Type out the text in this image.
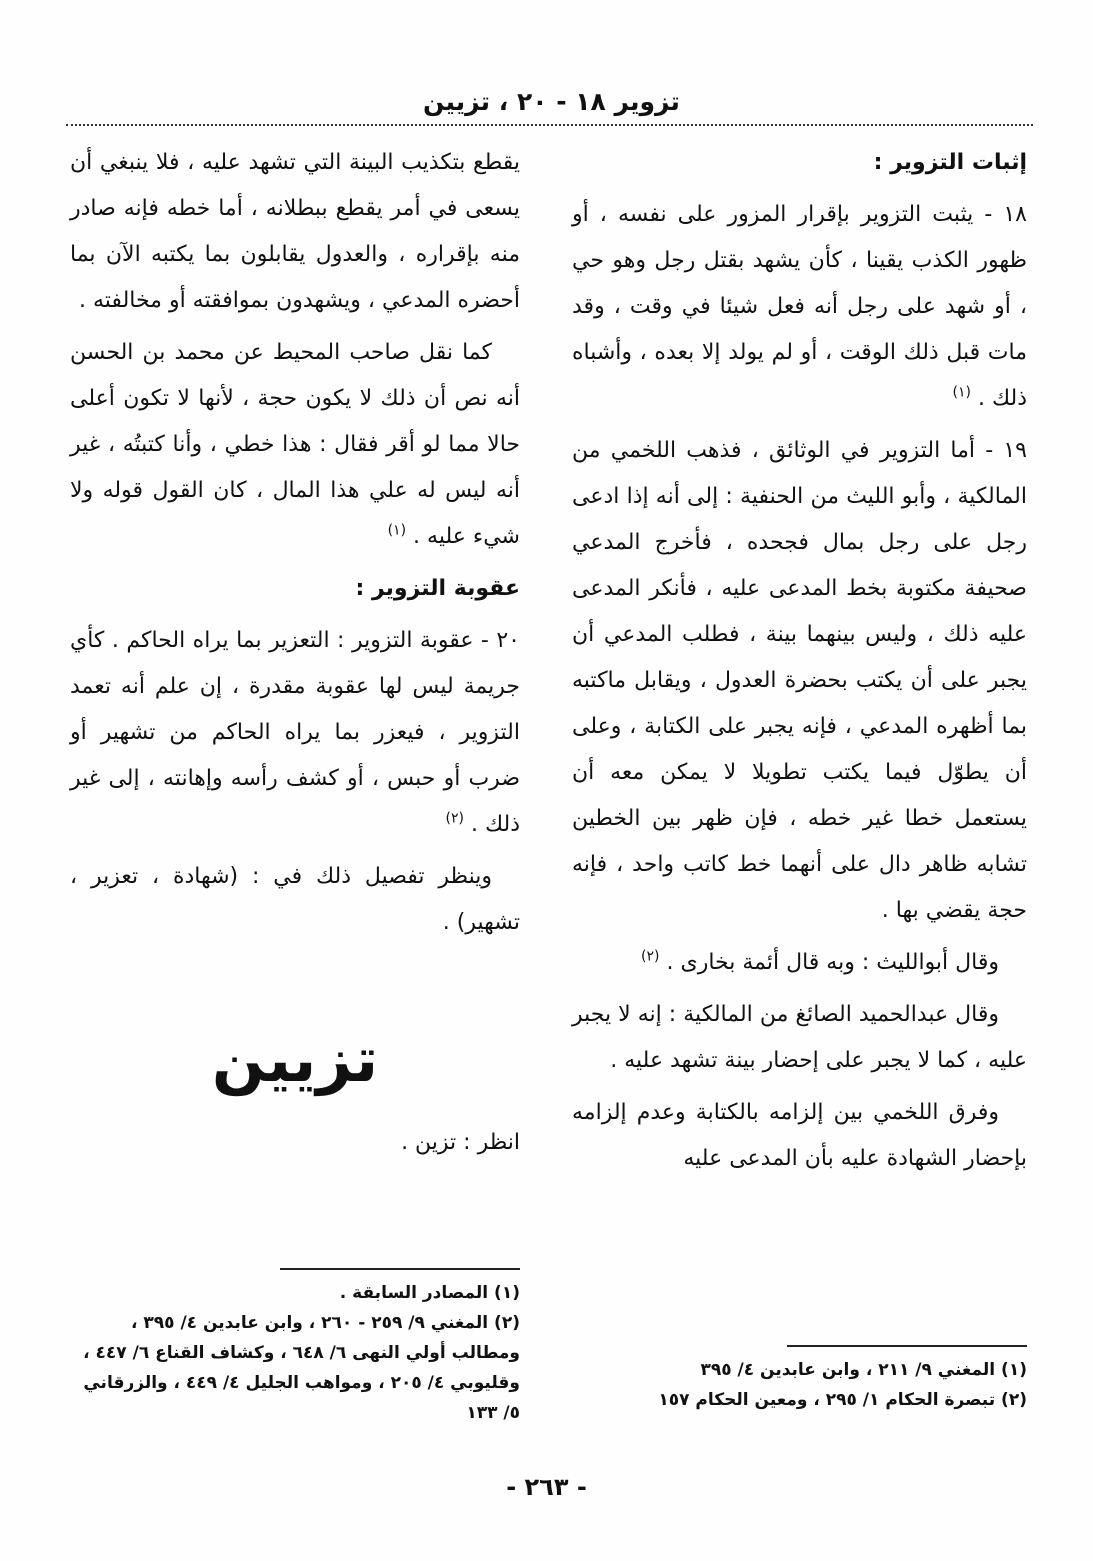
تزوير ١٨ - ٢٠ ، تزيين

إثبات التزوير :

١٨ - يثبت التزوير بإقرار المزور على نفسه ، أو ظهور الكذب يقينا ، كأن يشهد بقتل رجل وهو حي ، أو شهد على رجل أنه فعل شيئا في وقت ، وقد مات قبل ذلك الوقت ، أو لم يولد إلا بعده ، وأشباه ذلك . $^{(١)}$

١٩ - أما التزوير في الوثائق ، فذهب اللخمي من المالكية ، وأبو الليث من الحنفية : إلى أنه إذا ادعى رجل على رجل بمال فجحده ، فأخرج المدعي صحيفة مكتوبة بخط المدعى عليه ، فأنكر المدعى عليه ذلك ، وليس بينهما بينة ، فطلب المدعي أن يجبر على أن يكتب بحضرة العدول ، ويقابل ماكتبه بما أظهره المدعي ، فإنه يجبر على الكتابة ، وعلى أن يطوّل فيما يكتب تطويلا لا يمكن معه أن يستعمل خطا غير خطه ، فإن ظهر بين الخطين تشابه ظاهر دال على أنهما خط كاتب واحد ، فإنه حجة يقضي بها .

وقال أبوالليث : وبه قال أئمة بخارى . $^{(٢)}$

وقال عبدالحميد الصائغ من المالكية : إنه لا يجبر عليه ، كما لا يجبر على إحضار بينة تشهد عليه .

وفرق اللخمي بين إلزامه بالكتابة وعدم إلزامه بإحضار الشهادة عليه بأن المدعى عليه

يقطع بتكذيب البينة التي تشهد عليه ، فلا ينبغي أن يسعى في أمر يقطع ببطلانه ، أما خطه فإنه صادر منه بإقراره ، والعدول يقابلون بما يكتبه الآن بما أحضره المدعي ، ويشهدون بموافقته أو مخالفته .

كما نقل صاحب المحيط عن محمد بن الحسن أنه نص أن ذلك لا يكون حجة ، لأنها لا تكون أعلى حالا مما لو أقر فقال : هذا خطي ، وأنا كتبتُه ، غير أنه ليس له علي هذا المال ، كان القول قوله ولا شيء عليه . $^{(١)}$

عقوبة التزوير :

٢٠ - عقوبة التزوير : التعزير بما يراه الحاكم . كأي جريمة ليس لها عقوبة مقدرة ، إن علم أنه تعمد التزوير ، فيعزر بما يراه الحاكم من تشهير أو ضرب أو حبس ، أو كشف رأسه وإهانته ، إلى غير ذلك . $^{(٢)}$

وينظر تفصيل ذلك في : (شهادة ، تعزير ، تشهير) .

تزيين

انظر : تزين .

(١) المغني ٩/ ٢١١ ، وابن عابدين ٤/ ٣٩٥

(٢) تبصرة الحكام ١/ ٢٩٥ ، ومعين الحكام ١٥٧

(١) المصادر السابقة .

(٢) المغني ٩/ ٢٥٩ - ٢٦٠ ، وابن عابدين ٤/ ٣٩٥ ، ومطالب أولي النهى ٦/ ٦٤٨ ، وكشاف القناع ٦/ ٤٤٧ ، وقليوبي ٤/ ٢٠٥ ، ومواهب الجليل ٤/ ٤٤٩ ، والزرقاني ٥/ ١٣٣

- ٢٦٣ -
